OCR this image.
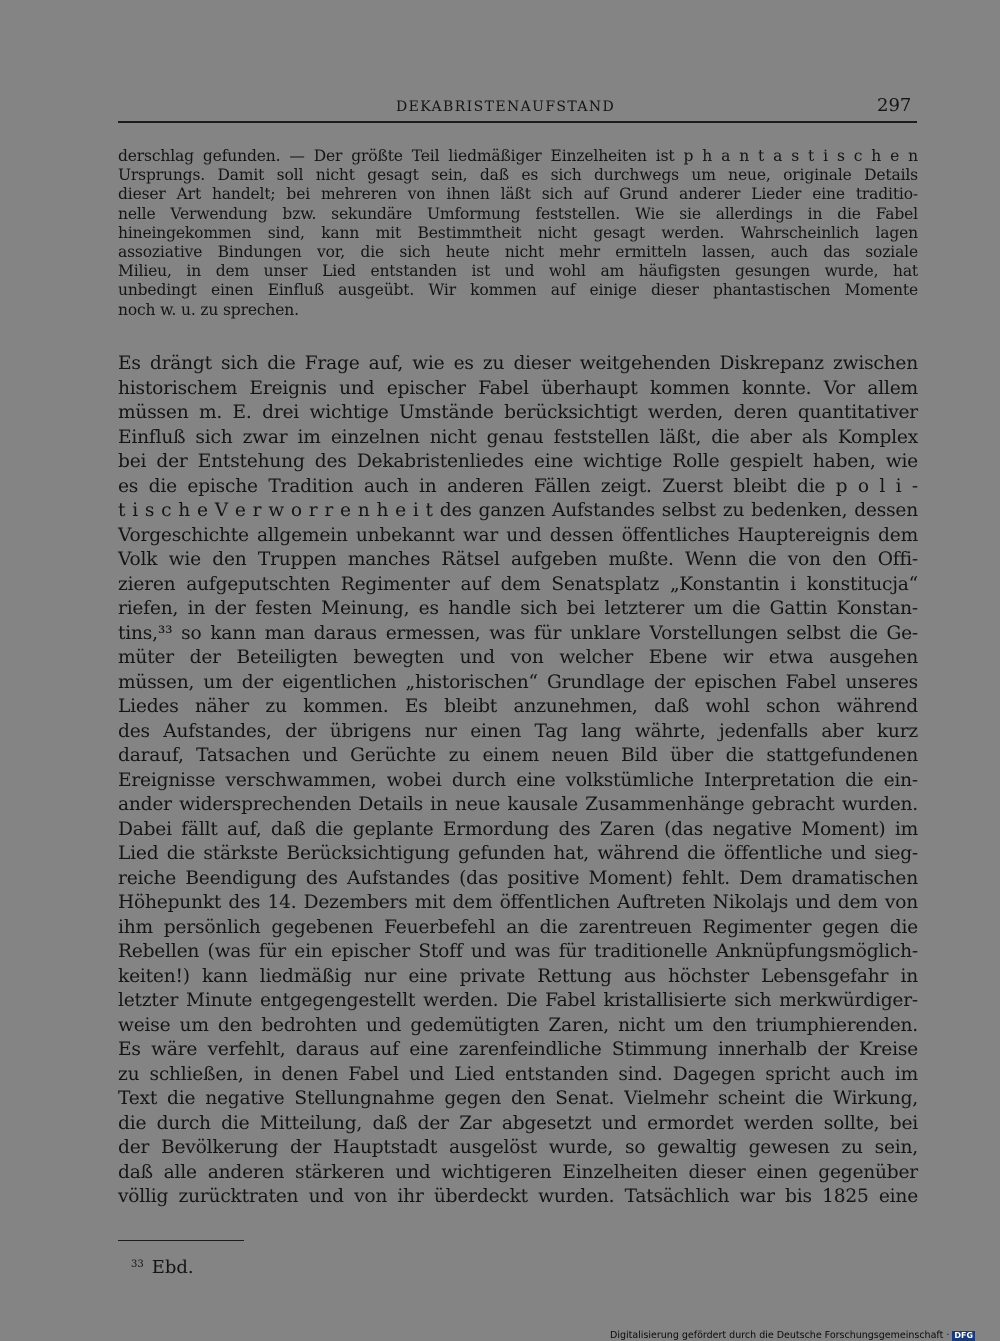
DEKABRISTENAUFSTAND	297
derschlag gefunden. — Der größte Teil liedmäßiger Einzelheiten ist p h a n t a s t i s c h e n
Ursprungs. Damit soll nicht gesagt sein, daß es sich durchwegs um neue, originale Details
dieser Art handelt; bei mehreren von ihnen läßt sich auf Grund anderer Lieder eine traditio-
nelle Verwendung bzw. sekundäre Umformung feststellen. Wie sie allerdings in die Fabel
hineingekommen sind, kann mit Bestimmtheit nicht gesagt werden. Wahrscheinlich lagen
assoziative Bindungen vor, die sich heute nicht mehr ermitteln lassen, auch das soziale
Milieu, in dem unser Lied entstanden ist und wohl am häufigsten gesungen wurde, hat
unbedingt einen Einfluß ausgeübt. Wir kommen auf einige dieser phantastischen Momente
noch w. u. zu sprechen.
Es drängt sich die Frage auf, wie es zu dieser weitgehenden Diskrepanz zwischen
historischem Ereignis und epischer Fabel überhaupt kommen konnte. Vor allem
müssen m. E. drei wichtige Umstände berücksichtigt werden, deren quantitativer
Einfluß sich zwar im einzelnen nicht genau feststellen läßt, die aber als Komplex
bei der Entstehung des Dekabristenliedes eine wichtige Rolle gespielt haben, wie
es die epische Tradition auch in anderen Fällen zeigt. Zuerst bleibt die p o l i -
t i s c h e V e r w o r r e n h e i t des ganzen Aufstandes selbst zu bedenken, dessen
Vorgeschichte allgemein unbekannt war und dessen öffentliches Hauptereignis dem
Volk wie den Truppen manches Rätsel aufgeben mußte. Wenn die von den Offi-
zieren aufgeputschten Regimenter auf dem Senatsplatz „Konstantin i konstitucja“
riefen, in der festen Meinung, es handle sich bei letzterer um die Gattin Konstan-
tins,³³ so kann man daraus ermessen, was für unklare Vorstellungen selbst die Ge-
müter der Beteiligten bewegten und von welcher Ebene wir etwa ausgehen
müssen, um der eigentlichen „historischen“ Grundlage der epischen Fabel unseres
Liedes näher zu kommen. Es bleibt anzunehmen, daß wohl schon während
des Aufstandes, der übrigens nur einen Tag lang währte, jedenfalls aber kurz
darauf, Tatsachen und Gerüchte zu einem neuen Bild über die stattgefundenen
Ereignisse verschwammen, wobei durch eine volkstümliche Interpretation die ein-
ander widersprechenden Details in neue kausale Zusammenhänge gebracht wurden.
Dabei fällt auf, daß die geplante Ermordung des Zaren (das negative Moment) im
Lied die stärkste Berücksichtigung gefunden hat, während die öffentliche und sieg-
reiche Beendigung des Aufstandes (das positive Moment) fehlt. Dem dramatischen
Höhepunkt des 14. Dezembers mit dem öffentlichen Auftreten Nikolajs und dem von
ihm persönlich gegebenen Feuerbefehl an die zarentreuen Regimenter gegen die
Rebellen (was für ein epischer Stoff und was für traditionelle Anknüpfungsmöglich-
keiten!) kann liedmäßig nur eine private Rettung aus höchster Lebensgefahr in
letzter Minute entgegengestellt werden. Die Fabel kristallisierte sich merkwürdiger-
weise um den bedrohten und gedemütigten Zaren, nicht um den triumphierenden.
Es wäre verfehlt, daraus auf eine zarenfeindliche Stimmung innerhalb der Kreise
zu schließen, in denen Fabel und Lied entstanden sind. Dagegen spricht auch im
Text die negative Stellungnahme gegen den Senat. Vielmehr scheint die Wirkung,
die durch die Mitteilung, daß der Zar abgesetzt und ermordet werden sollte, bei
der Bevölkerung der Hauptstadt ausgelöst wurde, so gewaltig gewesen zu sein,
daß alle anderen stärkeren und wichtigeren Einzelheiten dieser einen gegenüber
völlig zurücktraten und von ihr überdeckt wurden. Tatsächlich war bis 1825 eine
$^{33}$ Ebd.
Digitalisierung gefördert durch die Deutsche Forschungsgemeinschaft · DFG
